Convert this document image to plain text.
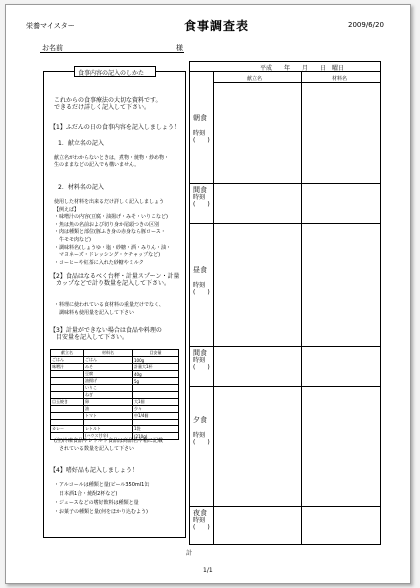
栄養マイスター	食事調査表	2009/6/20
お名前	様
食事内容の記入のしかた
これからの食事療法の大切な資料です。
できるだけ詳しく記入して下さい。
【1】ふだんの日の食事内容を記入しましょう！
1．献立名の記入
献立名がわからないときは，煮物・焼物・炒め物・
生のままなどの記入でも構いません。
2．材料名の記入
使用した材料を出来るだけ詳しく記入しましょう
【例えば】
・味噌汁の内容(豆腐・油揚げ・みそ・いりこなど)
・魚は魚の名前および切り身か尾頭つきの区別
・肉は種類と部位(豚ふき身の赤身なら豚ロース・
　牛モモ肉など)
・調味料名(しょうゆ・塩・砂糖・酒・みりん・油・
　マヨネーズ・ドレッシング・ケチャップなど)
・コーヒーや紅茶に入れた砂糖やミルク
【2】食品はなるべく台秤・計量スプーン・計量
カップなどで計り数量を記入して下さい。
・料理に使われている食材料の重量だけでなく、
　調味料も使用量を記入して下さい
【3】計量ができない場合は食品や料理の
　目安量を記入して下さい。
献立名	材料名	目安量
ごはん	ごはん	100g
味噌汁	みそ	計量大1杯
	豆腐	40g
	油揚げ	5g
	いりこ	
	ねぎ	
目玉焼き	卵	大1個
	油	少々
	トマト	中1/4個

カレー	レトルト	1袋
	(ハウス甘辛)	(210g)
(注)冷凍食品やレトルト食品は商品名や箱に記載
　されている数量を記入して下さい
【4】嗜好品も記入しましょう！
・アルコールは種類と量(ビール350ml1缶
　日本酒1合・焼酎2杯など)
・ジュースなどの嗜好飲料は種類と量
・お菓子の種類と量(何をほかり込むよう)
平成　　年　　月　　日　曜日
献立名	材料名
朝食
時刻
(　　)
間食
時刻
(　　)
昼食
時刻
(　　)
間食
時刻
(　　)
夕食
時刻
(　　)
夜食
時刻
(　　)
計
1/1
